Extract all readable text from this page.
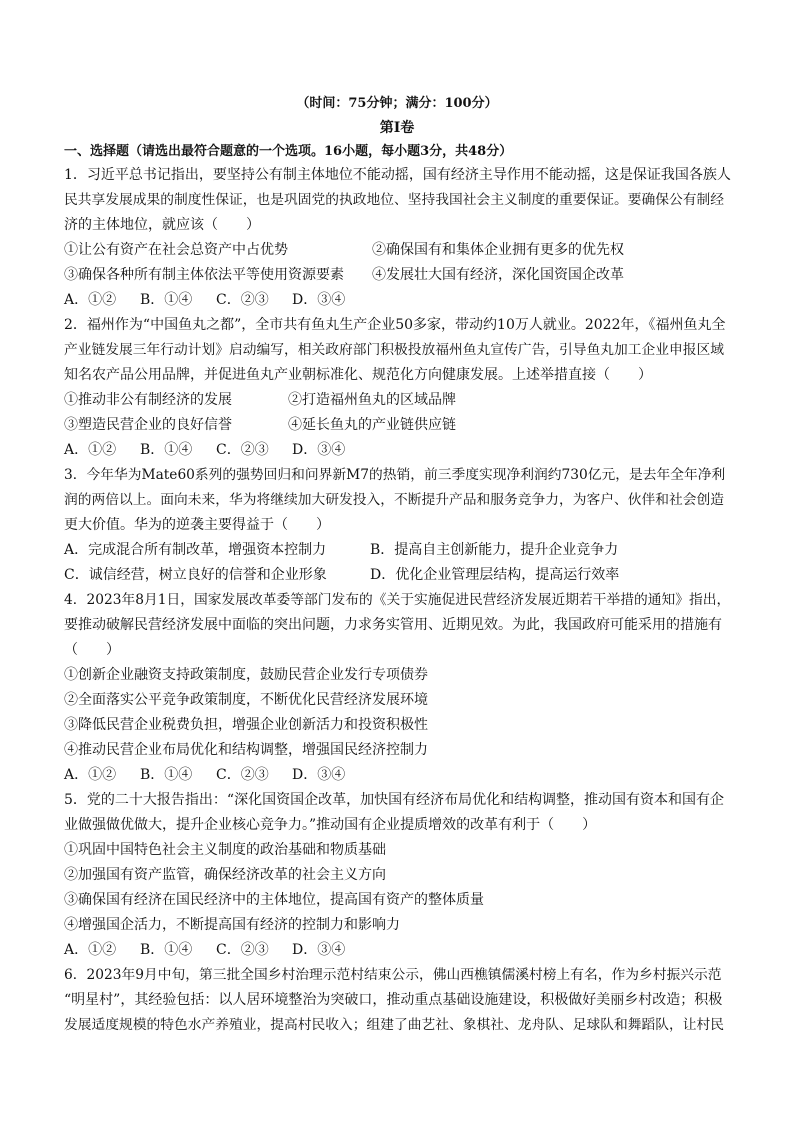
（时间：75分钟；满分：100分）
第Ⅰ卷
一、选择题（请选出最符合题意的一个选项。16小题，每小题3分，共48分）
1．习近平总书记指出，要坚持公有制主体地位不能动摇，国有经济主导作用不能动摇，这是保证我国各族人
民共享发展成果的制度性保证，也是巩固党的执政地位、坚持我国社会主义制度的重要保证。要确保公有制经
济的主体地位，就应该（　　）
①让公有资产在社会总资产中占优势	②确保国有和集体企业拥有更多的优先权
③确保各种所有制主体依法平等使用资源要素	④发展壮大国有经济，深化国资国企改革
A．①②	B．①④	C．②③	D．③④
2．福州作为“中国鱼丸之都”，全市共有鱼丸生产企业50多家，带动约10万人就业。2022年，《福州鱼丸全
产业链发展三年行动计划》启动编写，相关政府部门积极投放福州鱼丸宣传广告，引导鱼丸加工企业申报区域
知名农产品公用品牌，并促进鱼丸产业朝标准化、规范化方向健康发展。上述举措直接（　　）
①推动非公有制经济的发展	②打造福州鱼丸的区域品牌
③塑造民营企业的良好信誉	④延长鱼丸的产业链供应链
A．①②	B．①④	C．②③	D．③④
3．今年华为Mate60系列的强势回归和问界新M7的热销，前三季度实现净利润约730亿元，是去年全年净利
润的两倍以上。面向未来，华为将继续加大研发投入，不断提升产品和服务竞争力，为客户、伙伴和社会创造
更大价值。华为的逆袭主要得益于（　　）
A．完成混合所有制改革，增强资本控制力	B．提高自主创新能力，提升企业竞争力
C．诚信经营，树立良好的信誉和企业形象	D．优化企业管理层结构，提高运行效率
4．2023年8月1日，国家发展改革委等部门发布的《关于实施促进民营经济发展近期若干举措的通知》指出，
要推动破解民营经济发展中面临的突出问题，力求务实管用、近期见效。为此，我国政府可能采用的措施有
（　　）
①创新企业融资支持政策制度，鼓励民营企业发行专项债券
②全面落实公平竞争政策制度，不断优化民营经济发展环境
③降低民营企业税费负担，增强企业创新活力和投资积极性
④推动民营企业布局优化和结构调整，增强国民经济控制力
A．①②	B．①④	C．②③	D．③④
5．党的二十大报告指出：“深化国资国企改革，加快国有经济布局优化和结构调整，推动国有资本和国有企
业做强做优做大，提升企业核心竞争力。”推动国有企业提质增效的改革有利于（　　）
①巩固中国特色社会主义制度的政治基础和物质基础
②加强国有资产监管，确保经济改革的社会主义方向
③确保国有经济在国民经济中的主体地位，提高国有资产的整体质量
④增强国企活力，不断提高国有经济的控制力和影响力
A．①②	B．①④	C．②③	D．③④
6．2023年9月中旬，第三批全国乡村治理示范村结束公示，佛山西樵镇儒溪村榜上有名，作为乡村振兴示范
“明星村”，其经验包括：以人居环境整治为突破口，推动重点基础设施建设，积极做好美丽乡村改造；积极
发展适度规模的特色水产养殖业，提高村民收入；组建了曲艺社、象棋社、龙舟队、足球队和舞蹈队，让村民
